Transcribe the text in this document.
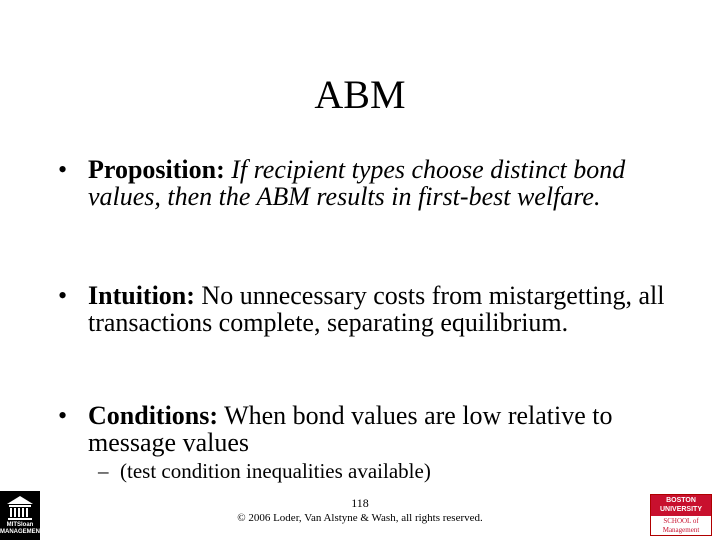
ABM
• Proposition: If recipient types choose distinct bond values, then the ABM results in first-best welfare.
• Intuition: No unnecessary costs from mistargetting, all transactions complete, separating equilibrium.
• Conditions: When bond values are low relative to message values
– (test condition inequalities available)
118
© 2006 Loder, Van Alstyne & Wash, all rights reserved.
MITSloan
MANAGEMENT
BOSTON
UNIVERSITY
SCHOOL of
Management
